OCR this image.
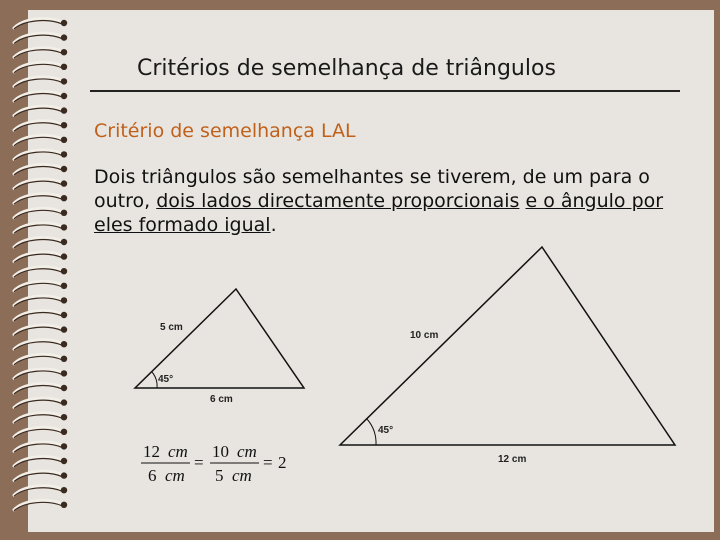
Critérios de semelhança de triângulos
Critério de semelhança LAL
Dois triângulos são semelhantes se tiverem, de um para o outro, dois lados directamente proporcionais e o ângulo por eles formado igual.
5 cm
6 cm
45°
10 cm
12 cm
45°
12 cm
6 cm
=
10 cm
5 cm
= 2
